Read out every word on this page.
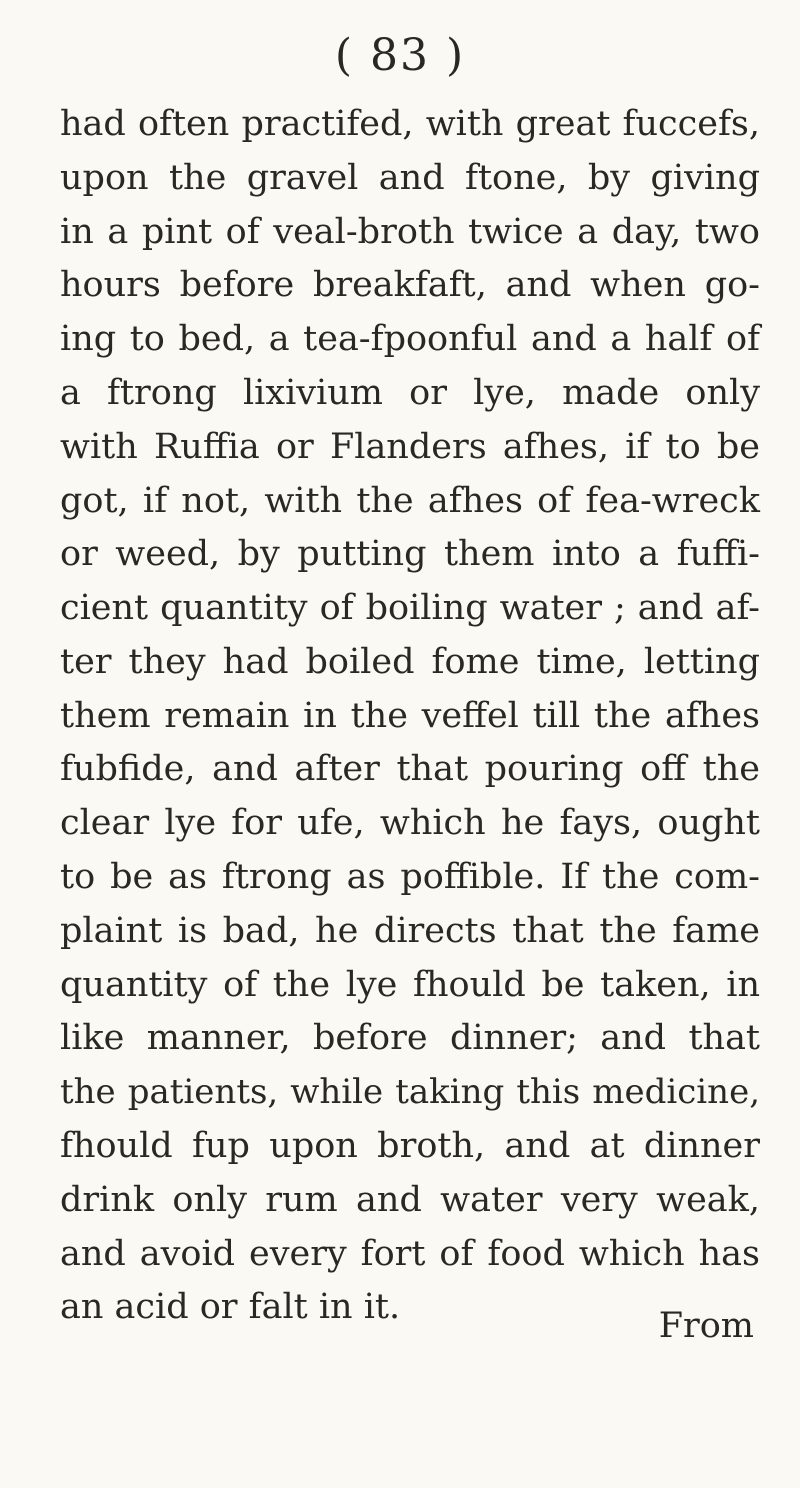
( 83 )
had often practifed, with great fuccefs,
upon the gravel and ftone, by giving
in a pint of veal-broth twice a day, two
hours before breakfaft, and when go-
ing to bed, a tea-fpoonful and a half of
a ftrong lixivium or lye, made only
with Ruffia or Flanders afhes, if to be
got, if not, with the afhes of fea-wreck
or weed, by putting them into a fuffi-
cient quantity of boiling water ; and af-
ter they had boiled fome time, letting
them remain in the veffel till the afhes
fubfide, and after that pouring off the
clear lye for ufe, which he fays, ought
to be as ftrong as poffible. If the com-
plaint is bad, he directs that the fame
quantity of the lye fhould be taken, in
like manner, before dinner; and that
the patients, while taking this medicine,
fhould fup upon broth, and at dinner
drink only rum and water very weak,
and avoid every fort of food which has
an acid or falt in it.	From
